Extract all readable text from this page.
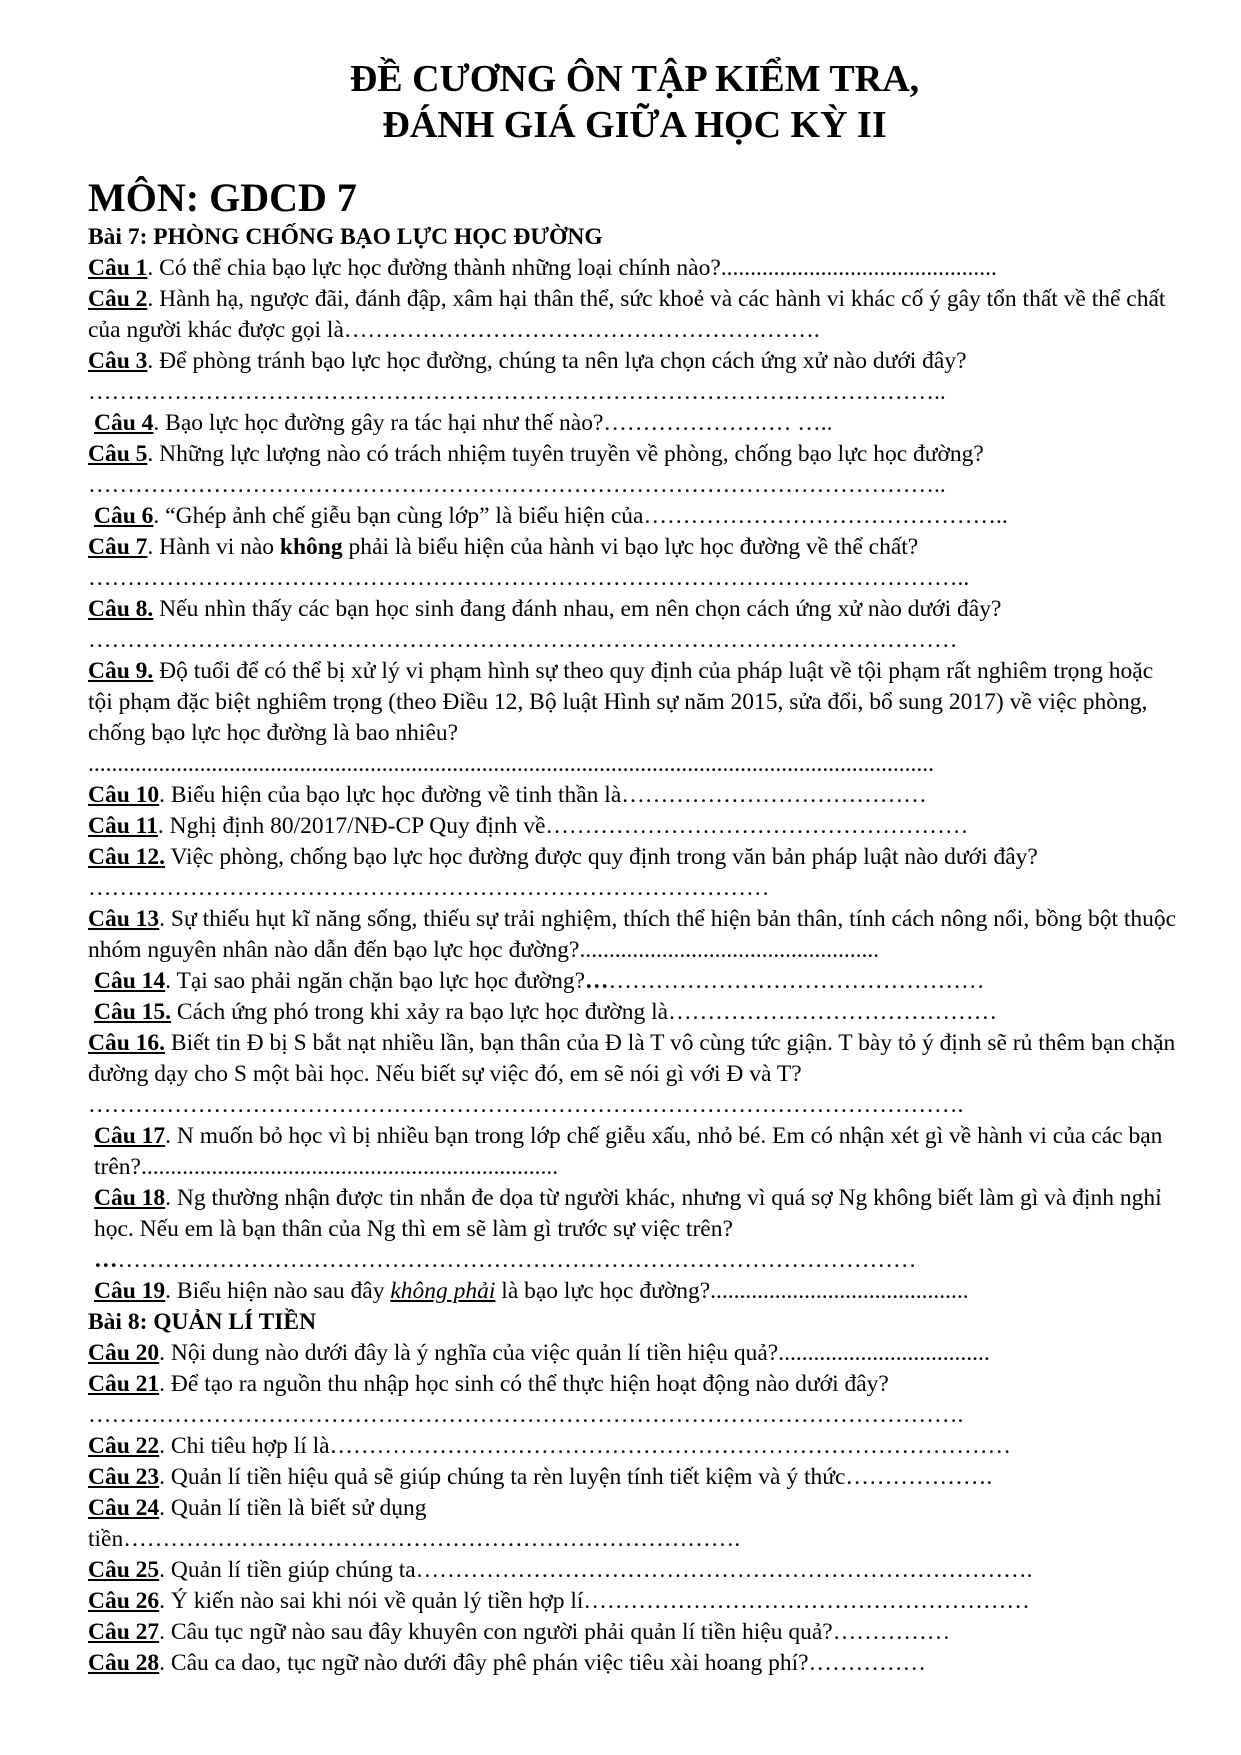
ĐỀ CƯƠNG ÔN TẬP KIỂM TRA,

ĐÁNH GIÁ GIỮA HỌC KỲ II

MÔN: GDCD 7

Bài 7: PHÒNG CHỐNG BẠO LỰC HỌC ĐƯỜNG

Câu 1. Có thể chia bạo lực học đường thành những loại chính nào?...............................................

Câu 2. Hành hạ, ngược đãi, đánh đập, xâm hại thân thể, sức khoẻ và các hành vi khác cố ý gây tổn thất về thể chất của người khác được gọi là…………………………………………………….

Câu 3. Để phòng tránh bạo lực học đường, chúng ta nên lựa chọn cách ứng xử nào dưới đây?

………………………………………………………………………………………………..

Câu 4. Bạo lực học đường gây ra tác hại như thế nào?…………………… …..

Câu 5. Những lực lượng nào có trách nhiệm tuyên truyền về phòng, chống bạo lực học đường?

………………………………………………………………………………………………..

Câu 6. “Ghép ảnh chế giễu bạn cùng lớp” là biểu hiện của………………………………………..

Câu 7. Hành vi nào không phải là biểu hiện của hành vi bạo lực học đường về thể chất?

…………………………………………………………………………………………………..

Câu 8. Nếu nhìn thấy các bạn học sinh đang đánh nhau, em nên chọn cách ứng xử nào dưới đây?

…………………………………………………………………………………………………

Câu 9. Độ tuổi để có thể bị xử lý vi phạm hình sự theo quy định của pháp luật về tội phạm rất nghiêm trọng hoặc tội phạm đặc biệt nghiêm trọng (theo Điều 12, Bộ luật Hình sự năm 2015, sửa đổi, bổ sung 2017) về việc phòng, chống bạo lực học đường là bao nhiêu?

................................................................................................................................................

Câu 10. Biểu hiện của bạo lực học đường về tinh thần là…………………………………

Câu 11. Nghị định 80/2017/NĐ-CP Quy định về………………………………………………

Câu 12. Việc phòng, chống bạo lực học đường được quy định trong văn bản pháp luật nào dưới đây? ……………………………………………………………………………

Câu 13. Sự thiếu hụt kĩ năng sống, thiếu sự trải nghiệm, thích thể hiện bản thân, tính cách nông nổi, bồng bột thuộc nhóm nguyên nhân nào dẫn đến bạo lực học đường?...................................................

Câu 14. Tại sao phải ngăn chặn bạo lực học đường?……………………………………………

Câu 15. Cách ứng phó trong khi xảy ra bạo lực học đường là……………………………………

Câu 16. Biết tin Đ bị S bắt nạt nhiều lần, bạn thân của Đ là T vô cùng tức giận. T bày tỏ ý định sẽ rủ thêm bạn chặn đường dạy cho S một bài học. Nếu biết sự việc đó, em sẽ nói gì với Đ và T?

………………………………………………………………………………………………….

Câu 17. N muốn bỏ học vì bị nhiều bạn trong lớp chế giễu xấu, nhỏ bé. Em có nhận xét gì về hành vi của các bạn trên?.......................................................................

Câu 18. Ng thường nhận được tin nhắn đe dọa từ người khác, nhưng vì quá sợ Ng không biết làm gì và định nghỉ học. Nếu em là bạn thân của Ng thì em sẽ làm gì trước sự việc trên?

……………………………………………………………………………………………

Câu 19. Biểu hiện nào sau đây không phải là bạo lực học đường?............................................

Bài 8: QUẢN LÍ TIỀN

Câu 20. Nội dung nào dưới đây là ý nghĩa của việc quản lí tiền hiệu quả?....................................

Câu 21. Để tạo ra nguồn thu nhập học sinh có thể thực hiện hoạt động nào dưới đây?

………………………………………………………………………………………………….

Câu 22. Chi tiêu hợp lí là……………………………………………………………………………

Câu 23. Quản lí tiền hiệu quả sẽ giúp chúng ta rèn luyện tính tiết kiệm và ý thức……………….

Câu 24. Quản lí tiền là biết sử dụng

tiền…………………………………………………………………….

Câu 25. Quản lí tiền giúp chúng ta…………………………………………………………………….

Câu 26. Ý kiến nào sai khi nói về quản lý tiền hợp lí…………………………………………………

Câu 27. Câu tục ngữ nào sau đây khuyên con người phải quản lí tiền hiệu quả?……………

Câu 28. Câu ca dao, tục ngữ nào dưới đây phê phán việc tiêu xài hoang phí?……………
